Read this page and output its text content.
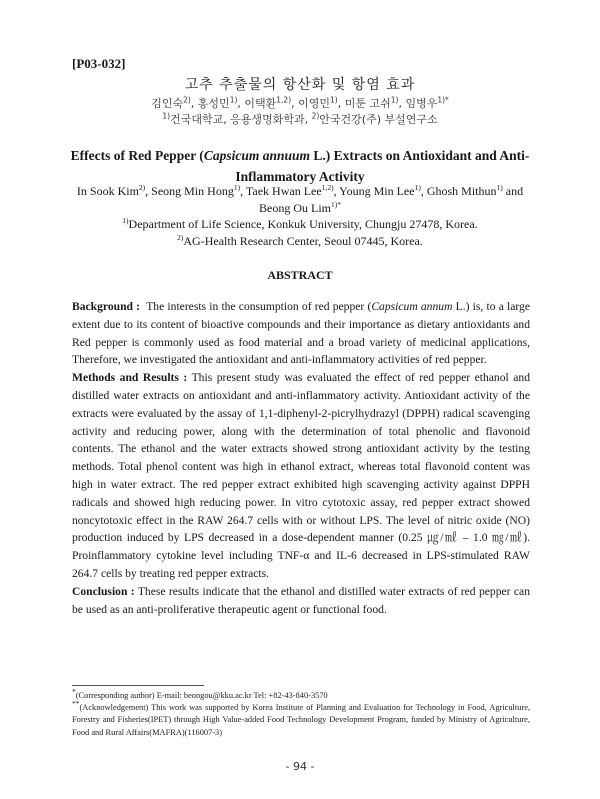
[P03-032]
고추 추출물의 항산화 및 항염 효과
김인숙$^{2)}$, 홍성민$^{1)}$, 이택환$^{1,2)}$, 이영민$^{1)}$, 미툰 고쉬$^{1)}$, 임병우$^{1)*}$
$^{1)}$건국대학교, 응용생명화학과, $^{2)}$안국건강(주) 부설연구소
Effects of Red Pepper (Capsicum annuum L.) Extracts on Antioxidant and Anti-Inflammatory Activity
In Sook Kim$^{2)}$, Seong Min Hong$^{1)}$, Taek Hwan Lee$^{1,2)}$, Young Min Lee$^{1)}$, Ghosh Mithun$^{1)}$ and Beong Ou Lim$^{1)*}$
$^{1)}$Department of Life Science, Konkuk University, Chungju 27478, Korea.
$^{2)}$AG-Health Research Center, Seoul 07445, Korea.
ABSTRACT

Background : The interests in the consumption of red pepper (Capsicum annum L.) is, to a large extent due to its content of bioactive compounds and their importance as dietary antioxidants and Red pepper is commonly used as food material and a broad variety of medicinal applications, Therefore, we investigated the antioxidant and anti-inflammatory activities of red pepper.

Methods and Results : This present study was evaluated the effect of red pepper ethanol and distilled water extracts on antioxidant and anti-inflammatory activity. Antioxidant activity of the extracts were evaluated by the assay of 1,1-diphenyl-2-picrylhydrazyl (DPPH) radical scavenging activity and reducing power, along with the determination of total phenolic and flavonoid contents. The ethanol and the water extracts showed strong antioxidant activity by the testing methods. Total phenol content was high in ethanol extract, whereas total flavonoid content was high in water extract. The red pepper extract exhibited high scavenging activity against DPPH radicals and showed high reducing power. In vitro cytotoxic assay, red pepper extract showed noncytotoxic effect in the RAW 264.7 cells with or without LPS. The level of nitric oxide (NO) production induced by LPS decreased in a dose-dependent manner (0.25 ㎍/㎖ – 1.0 ㎎/㎖). Proinflammatory cytokine level including TNF-α and IL-6 decreased in LPS-stimulated RAW 264.7 cells by treating red pepper extracts.

Conclusion : These results indicate that the ethanol and distilled water extracts of red pepper can be used as an anti-proliferative therapeutic agent or functional food.

*(Corresponding author) E-mail: beongou@kku.ac.kr Tel: +82-43-840-3570

**(Acknowledgement) This work was supported by Korea Institute of Planning and Evaluation for Technology in Food, Agriculture, Forestry and Fisheries(IPET) through High Value-added Food Technology Development Program, funded by Ministry of Agriculture, Food and Rural Affairs(MAFRA)(116007-3)

- 94 -
